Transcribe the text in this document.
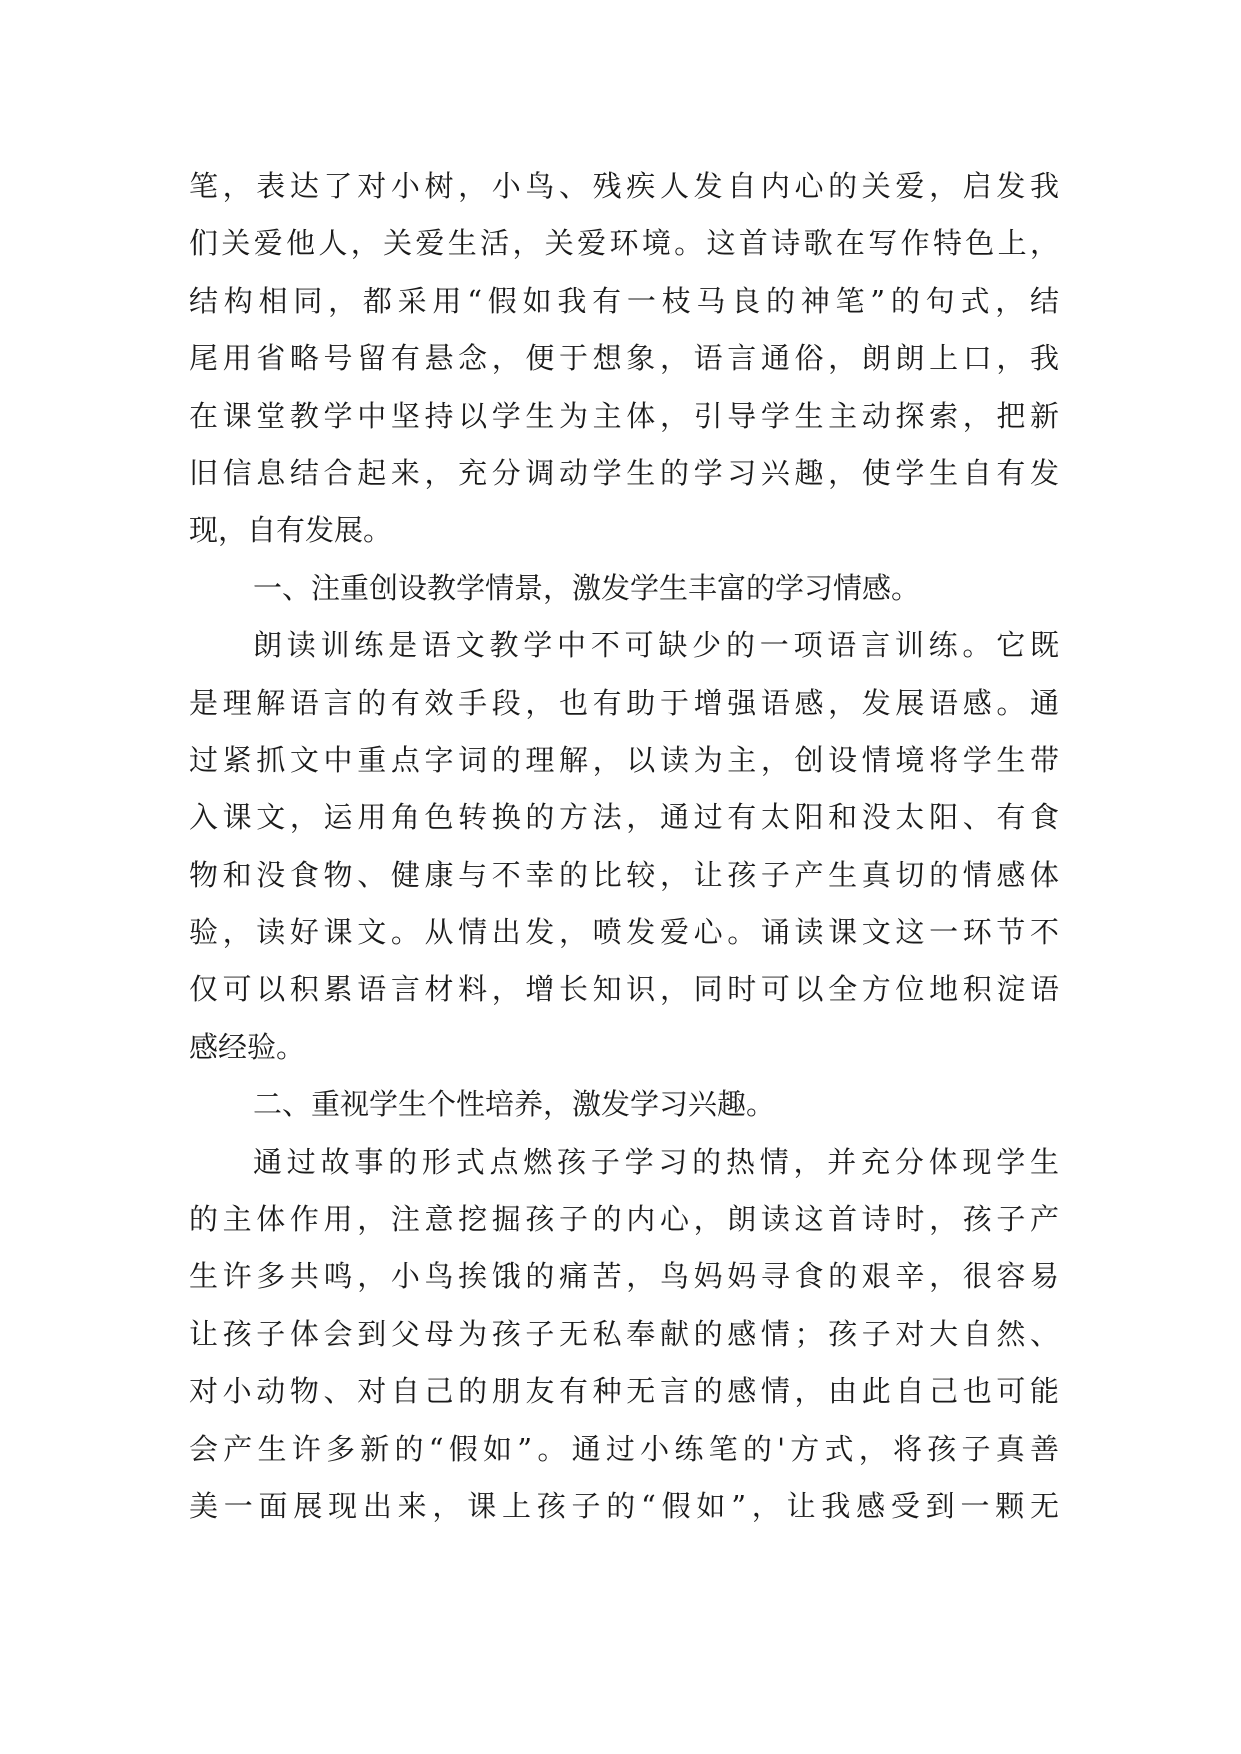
笔，表达了对小树，小鸟、残疾人发自内心的关爱，启发我
们关爱他人，关爱生活，关爱环境。这首诗歌在写作特色上，
结构相同，都采用“假如我有一枝马良的神笔”的句式，结
尾用省略号留有悬念，便于想象，语言通俗，朗朗上口，我
在课堂教学中坚持以学生为主体，引导学生主动探索，把新
旧信息结合起来，充分调动学生的学习兴趣，使学生自有发
现，自有发展。
一、注重创设教学情景，激发学生丰富的学习情感。
朗读训练是语文教学中不可缺少的一项语言训练。它既
是理解语言的有效手段，也有助于增强语感，发展语感。通
过紧抓文中重点字词的理解，以读为主，创设情境将学生带
入课文，运用角色转换的方法，通过有太阳和没太阳、有食
物和没食物、健康与不幸的比较，让孩子产生真切的情感体
验，读好课文。从情出发，喷发爱心。诵读课文这一环节不
仅可以积累语言材料，增长知识，同时可以全方位地积淀语
感经验。
二、重视学生个性培养，激发学习兴趣。
通过故事的形式点燃孩子学习的热情，并充分体现学生
的主体作用，注意挖掘孩子的内心，朗读这首诗时，孩子产
生许多共鸣，小鸟挨饿的痛苦，鸟妈妈寻食的艰辛，很容易
让孩子体会到父母为孩子无私奉献的感情；孩子对大自然、
对小动物、对自己的朋友有种无言的感情，由此自己也可能
会产生许多新的“假如”。通过小练笔的'方式，将孩子真善
美一面展现出来，课上孩子的“假如”，让我感受到一颗无
